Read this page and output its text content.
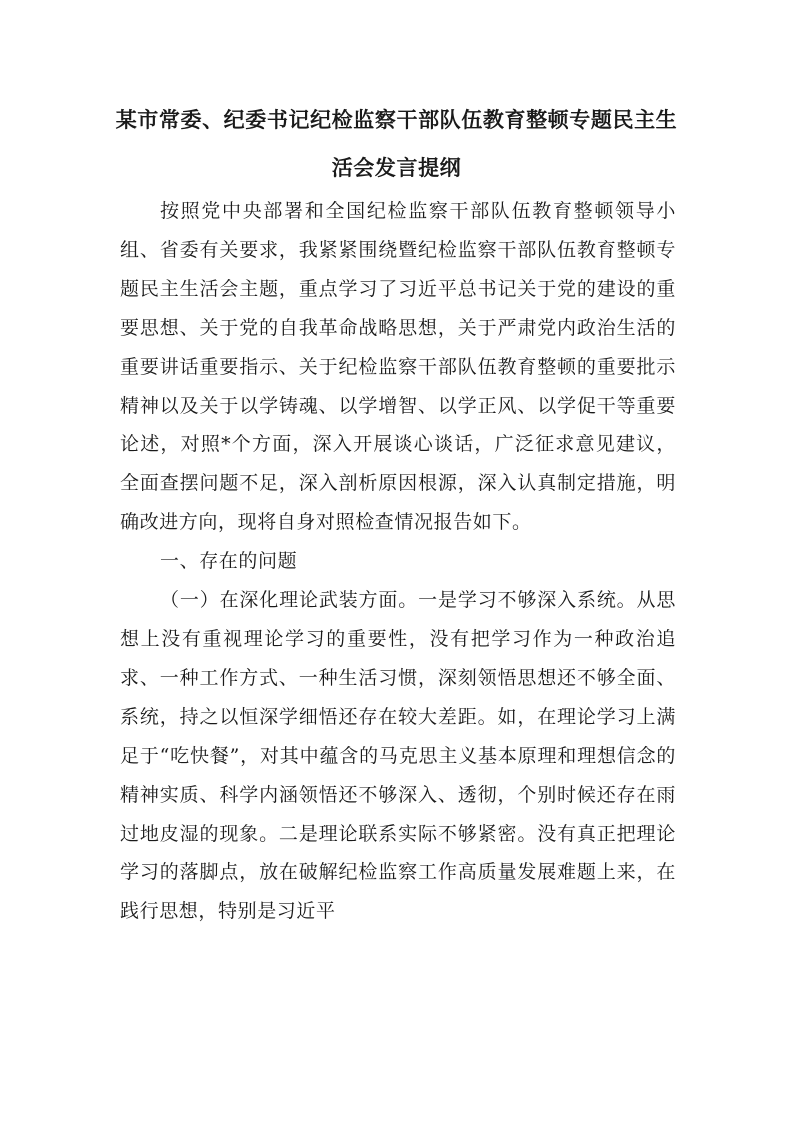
某市常委、纪委书记纪检监察干部队伍教育整顿专题民主生
活会发言提纲

按照党中央部署和全国纪检监察干部队伍教育整顿领导小组、省委有关要求，我紧紧围绕暨纪检监察干部队伍教育整顿专题民主生活会主题，重点学习了习近平总书记关于党的建设的重要思想、关于党的自我革命战略思想，关于严肃党内政治生活的重要讲话重要指示、关于纪检监察干部队伍教育整顿的重要批示精神以及关于以学铸魂、以学增智、以学正风、以学促干等重要论述，对照*个方面，深入开展谈心谈话，广泛征求意见建议，全面查摆问题不足，深入剖析原因根源，深入认真制定措施，明确改进方向，现将自身对照检查情况报告如下。

一、存在的问题

（一）在深化理论武装方面。一是学习不够深入系统。从思想上没有重视理论学习的重要性，没有把学习作为一种政治追求、一种工作方式、一种生活习惯，深刻领悟思想还不够全面、系统，持之以恒深学细悟还存在较大差距。如，在理论学习上满足于“吃快餐”，对其中蕴含的马克思主义基本原理和理想信念的精神实质、科学内涵领悟还不够深入、透彻，个别时候还存在雨过地皮湿的现象。二是理论联系实际不够紧密。没有真正把理论学习的落脚点，放在破解纪检监察工作高质量发展难题上来，在践行思想，特别是习近平
